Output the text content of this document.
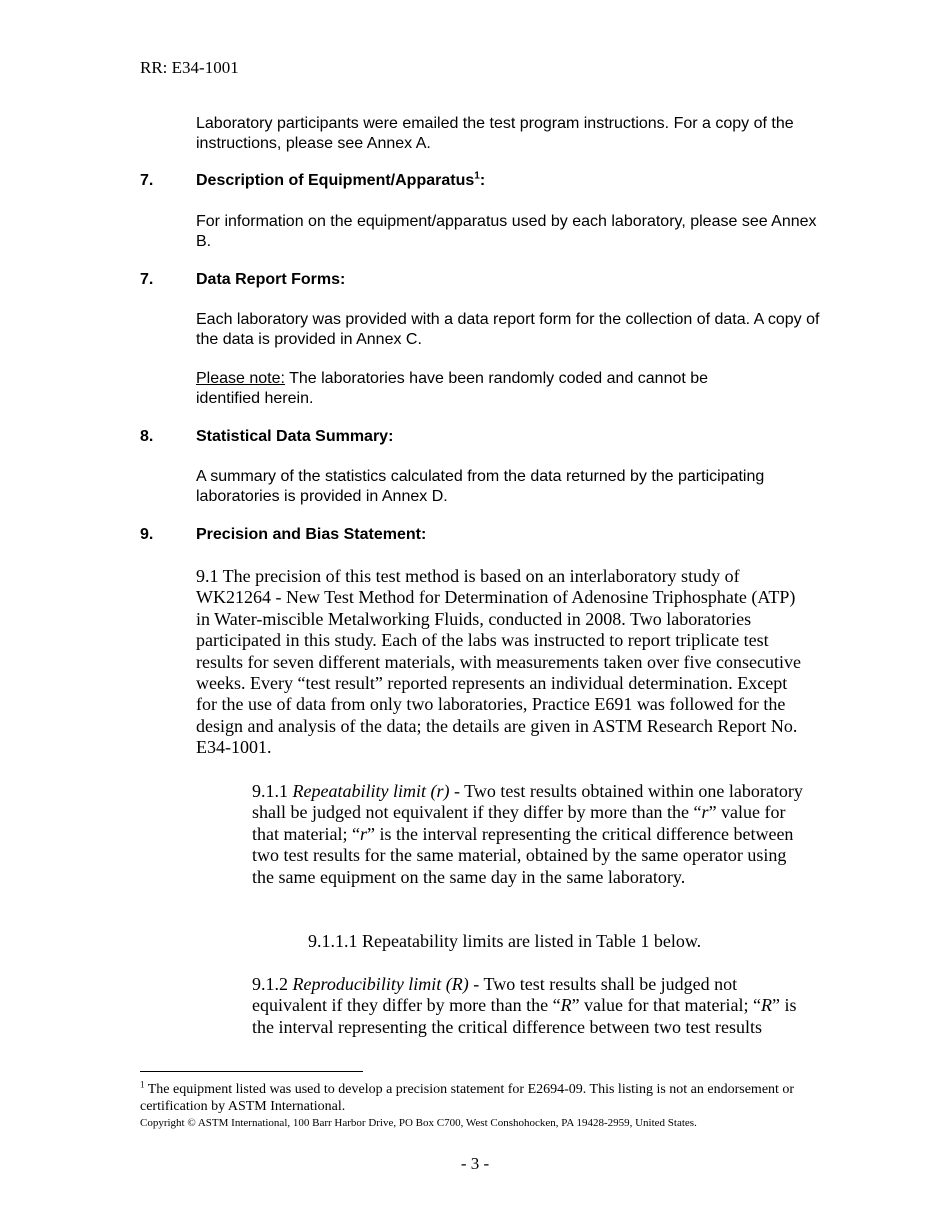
RR: E34-1001
Laboratory participants were emailed the test program instructions. For a copy of the instructions, please see Annex A.
7.	Description of Equipment/Apparatus$^1$:
For information on the equipment/apparatus used by each laboratory, please see Annex B.
7.	Data Report Forms:
Each laboratory was provided with a data report form for the collection of data. A copy of the data is provided in Annex C.
Please note: The laboratories have been randomly coded and cannot be identified herein.
8.	Statistical Data Summary:
A summary of the statistics calculated from the data returned by the participating laboratories is provided in Annex D.
9.	Precision and Bias Statement:
9.1 The precision of this test method is based on an interlaboratory study of WK21264 - New Test Method for Determination of Adenosine Triphosphate (ATP) in Water-miscible Metalworking Fluids, conducted in 2008. Two laboratories participated in this study. Each of the labs was instructed to report triplicate test results for seven different materials, with measurements taken over five consecutive weeks. Every “test result” reported represents an individual determination. Except for the use of data from only two laboratories, Practice E691 was followed for the design and analysis of the data; the details are given in ASTM Research Report No. E34-1001.
9.1.1 Repeatability limit (r) - Two test results obtained within one laboratory shall be judged not equivalent if they differ by more than the “r” value for that material; “r” is the interval representing the critical difference between two test results for the same material, obtained by the same operator using the same equipment on the same day in the same laboratory.
9.1.1.1 Repeatability limits are listed in Table 1 below.
9.1.2 Reproducibility limit (R) - Two test results shall be judged not equivalent if they differ by more than the “R” value for that material; “R” is the interval representing the critical difference between two test results
$^1$ The equipment listed was used to develop a precision statement for E2694-09. This listing is not an endorsement or certification by ASTM International.
Copyright © ASTM International, 100 Barr Harbor Drive, PO Box C700, West Conshohocken, PA 19428-2959, United States.
- 3 -
